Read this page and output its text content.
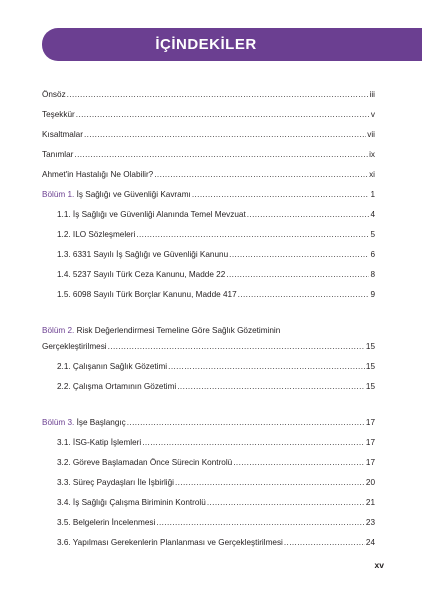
İÇİNDEKİLER
Önsöz .....	iii
Teşekkür .....	v
Kısaltmalar .....	vii
Tanımlar .....	ix
Ahmet'in Hastalığı Ne Olabilir? .....	xi
Bölüm 1. İş Sağlığı ve Güvenliği Kavramı .....	1
1.1. İş Sağlığı ve Güvenliği Alanında Temel Mevzuat .....	4
1.2. ILO Sözleşmeleri .....	5
1.3. 6331 Sayılı İş Sağlığı ve Güvenliği Kanunu .....	6
1.4. 5237 Sayılı Türk Ceza Kanunu, Madde 22 .....	8
1.5. 6098 Sayılı Türk Borçlar Kanunu, Madde 417 .....	9
Bölüm 2. Risk Değerlendirmesi Temeline Göre Sağlık Gözetiminin
Gerçekleştirilmesi .....	15
2.1. Çalışanın Sağlık Gözetimi .....	15
2.2. Çalışma Ortamının Gözetimi .....	15
Bölüm 3. İşe Başlangıç .....	17
3.1. İSG-Katip İşlemleri .....	17
3.2. Göreve Başlamadan Önce Sürecin Kontrolü .....	17
3.3. Süreç Paydaşları İle İşbirliği .....	20
3.4. İş Sağlığı Çalışma Biriminin Kontrolü .....	21
3.5. Belgelerin İncelenmesi .....	23
3.6. Yapılması Gerekenlerin Planlanması ve Gerçekleştirilmesi .....	24
xv
